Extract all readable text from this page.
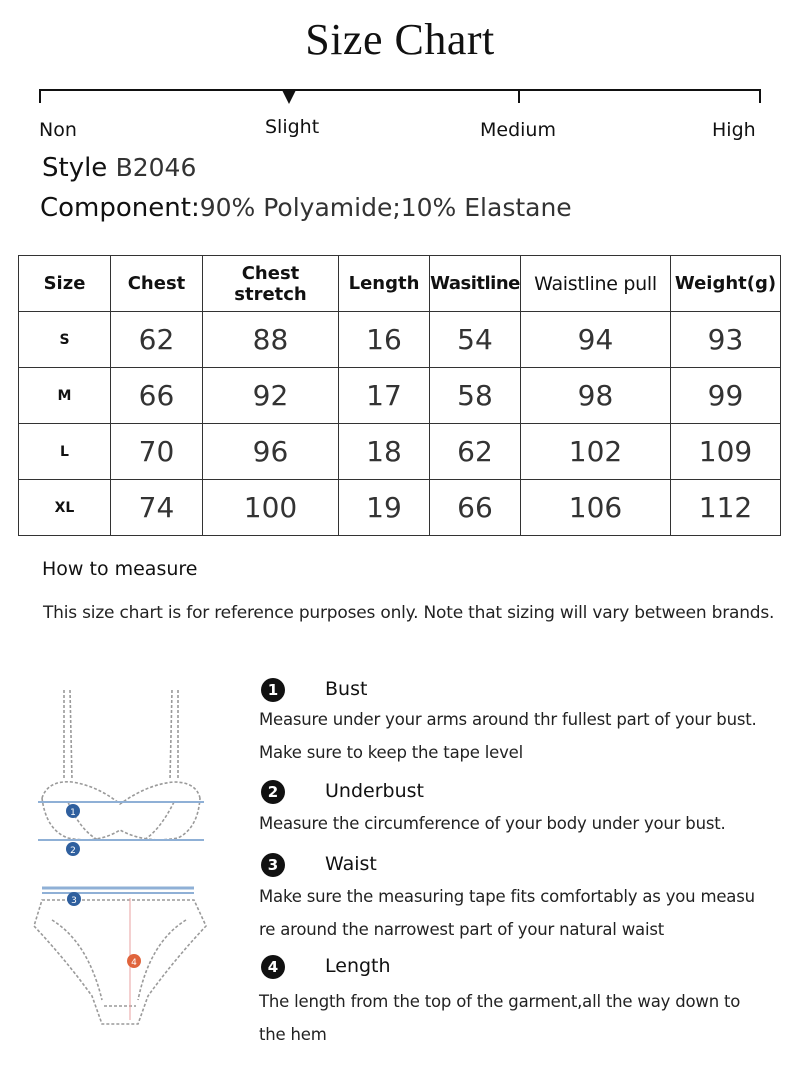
Size Chart
Non	Slight	Medium	High
Style B2046
Component:90% Polyamide;10% Elastane
Size	Chest	Chest stretch	Length	Wasitline	Waistline pull	Weight(g)
S	62	88	16	54	94	93
M	66	92	17	58	98	99
L	70	96	18	62	102	109
XL	74	100	19	66	106	112
How to measure
This size chart is for reference purposes only. Note that sizing will vary between brands.
1
2
3
4
1	Bust
Measure under your arms around thr fullest part of your bust.
Make sure to keep the tape level
2	Underbust
Measure the circumference of your body under your bust.
3	Waist
Make sure the measuring tape fits comfortably as you measu
re around the narrowest part of your natural waist
4	Length
The length from the top of the garment,all the way down to
the hem
